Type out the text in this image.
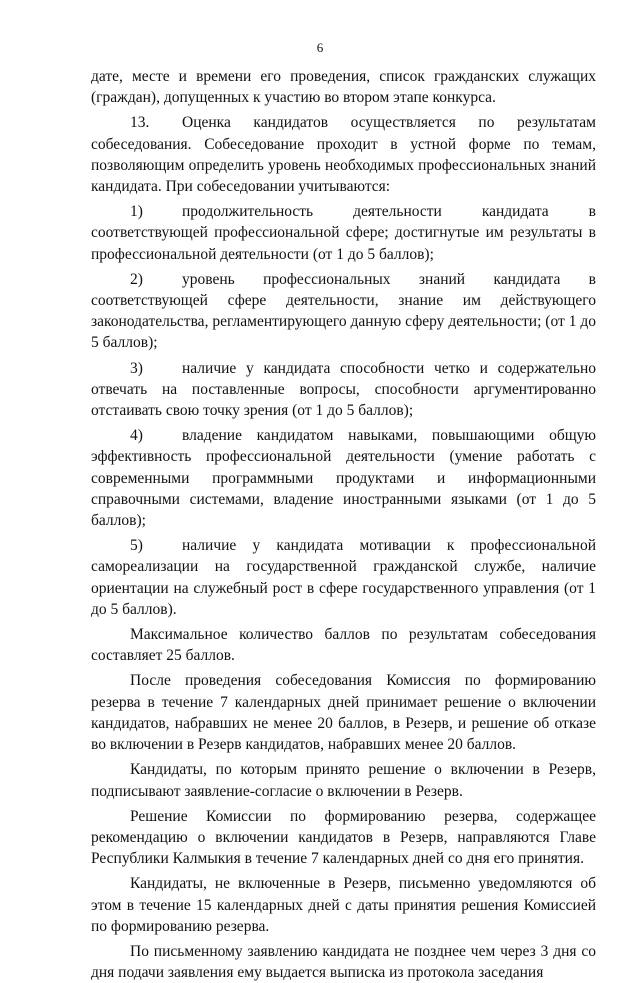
6

дате, месте и времени его проведения, список гражданских служащих (граждан), допущенных к участию во втором этапе конкурса.

13. Оценка кандидатов осуществляется по результатам собеседования. Собеседование проходит в устной форме по темам, позволяющим определить уровень необходимых профессиональных знаний кандидата. При собеседовании учитываются:

1)	продолжительность деятельности кандидата в соответствующей профессиональной сфере; достигнутые им результаты в профессиональной деятельности (от 1 до 5 баллов);

2)	уровень профессиональных знаний кандидата в соответствующей сфере деятельности, знание им действующего законодательства, регламентирующего данную сферу деятельности; (от 1 до 5 баллов);

3)	наличие у кандидата способности четко и содержательно отвечать на поставленные вопросы, способности аргументированно отстаивать свою точку зрения (от 1 до 5 баллов);

4)	владение кандидатом навыками, повышающими общую эффективность профессиональной деятельности (умение работать с современными программными продуктами и информационными справочными системами, владение иностранными языками (от 1 до 5 баллов);

5)	наличие у кандидата мотивации к профессиональной самореализации на государственной гражданской службе, наличие ориентации на служебный рост в сфере государственного управления (от 1 до 5 баллов).

Максимальное количество баллов по результатам собеседования составляет 25 баллов.

После проведения собеседования Комиссия по формированию резерва в течение 7 календарных дней принимает решение о включении кандидатов, набравших не менее 20 баллов, в Резерв, и решение об отказе во включении в Резерв кандидатов, набравших менее 20 баллов.

Кандидаты, по которым принято решение о включении в Резерв, подписывают заявление-согласие о включении в Резерв.

Решение Комиссии по формированию резерва, содержащее рекомендацию о включении кандидатов в Резерв, направляются Главе Республики Калмыкия в течение 7 календарных дней со дня его принятия.

Кандидаты, не включенные в Резерв, письменно уведомляются об этом в течение 15 календарных дней с даты принятия решения Комиссией по формированию резерва.

По письменному заявлению кандидата не позднее чем через 3 дня со дня подачи заявления ему выдается выписка из протокола заседания
